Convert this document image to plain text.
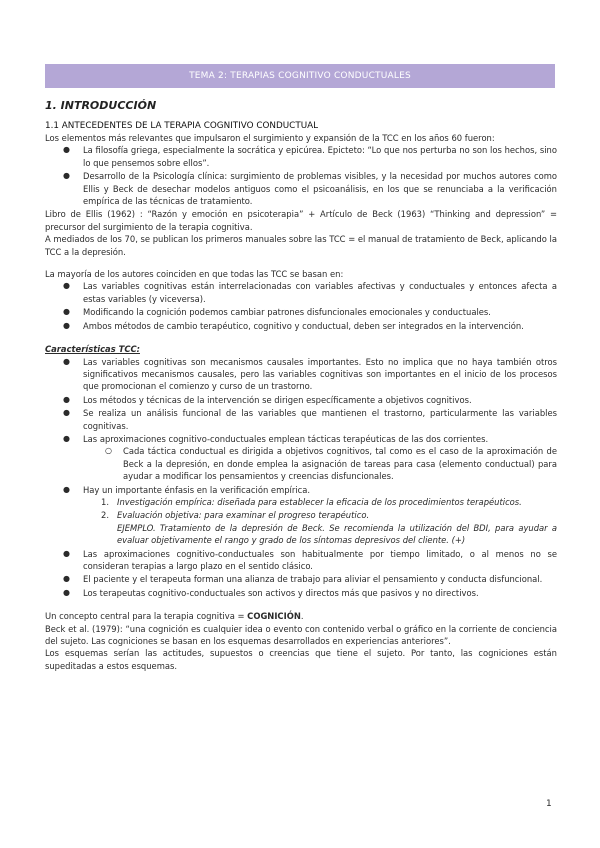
TEMA 2: TERAPIAS COGNITIVO CONDUCTUALES
1. INTRODUCCIÓN
1.1 ANTECEDENTES DE LA TERAPIA COGNITIVO CONDUCTUAL

Los elementos más relevantes que impulsaron el surgimiento y expansión de la TCC en los años 60 fueron:

● La filosofía griega, especialmente la socrática y epicúrea. Epicteto: “Lo que nos perturba no son los hechos, sino lo que pensemos sobre ellos”.
● Desarrollo de la Psicología clínica: surgimiento de problemas visibles, y la necesidad por muchos autores como Ellis y Beck de desechar modelos antiguos como el psicoanálisis, en los que se renunciaba a la verificación empírica de las técnicas de tratamiento.

Libro de Ellis (1962) : “Razón y emoción en psicoterapia” + Artículo de Beck (1963) “Thinking and depression” = precursor del surgimiento de la terapia cognitiva.

A mediados de los 70, se publican los primeros manuales sobre las TCC = el manual de tratamiento de Beck, aplicando la TCC a la depresión.

La mayoría de los autores coinciden en que todas las TCC se basan en:

● Las variables cognitivas están interrelacionadas con variables afectivas y conductuales y entonces afecta a estas variables (y viceversa).
● Modificando la cognición podemos cambiar patrones disfuncionales emocionales y conductuales.
● Ambos métodos de cambio terapéutico, cognitivo y conductual, deben ser integrados en la intervención.

Características TCC:

● Las variables cognitivas son mecanismos causales importantes. Esto no implica que no haya también otros significativos mecanismos causales, pero las variables cognitivas son importantes en el inicio de los procesos que promocionan el comienzo y curso de un trastorno.
● Los métodos y técnicas de la intervención se dirigen específicamente a objetivos cognitivos.
● Se realiza un análisis funcional de las variables que mantienen el trastorno, particularmente las variables cognitivas.
● Las aproximaciones cognitivo-conductuales emplean tácticas terapéuticas de las dos corrientes.
○ Cada táctica conductual es dirigida a objetivos cognitivos, tal como es el caso de la aproximación de Beck a la depresión, en donde emplea la asignación de tareas para casa (elemento conductual) para ayudar a modificar los pensamientos y creencias disfuncionales.
● Hay un importante énfasis en la verificación empírica.
1. Investigación empírica: diseñada para establecer la eficacia de los procedimientos terapéuticos.
2. Evaluación objetiva: para examinar el progreso terapéutico.
EJEMPLO. Tratamiento de la depresión de Beck. Se recomienda la utilización del BDI, para ayudar a evaluar objetivamente el rango y grado de los síntomas depresivos del cliente. (+)
● Las aproximaciones cognitivo-conductuales son habitualmente por tiempo limitado, o al menos no se consideran terapias a largo plazo en el sentido clásico.
● El paciente y el terapeuta forman una alianza de trabajo para aliviar el pensamiento y conducta disfuncional.
● Los terapeutas cognitivo-conductuales son activos y directos más que pasivos y no directivos.

Un concepto central para la terapia cognitiva = COGNICIÓN.

Beck et al. (1979): “una cognición es cualquier idea o evento con contenido verbal o gráfico en la corriente de conciencia del sujeto. Las cogniciones se basan en los esquemas desarrollados en experiencias anteriores”.

Los esquemas serían las actitudes, supuestos o creencias que tiene el sujeto. Por tanto, las cogniciones están supeditadas a estos esquemas.

1
